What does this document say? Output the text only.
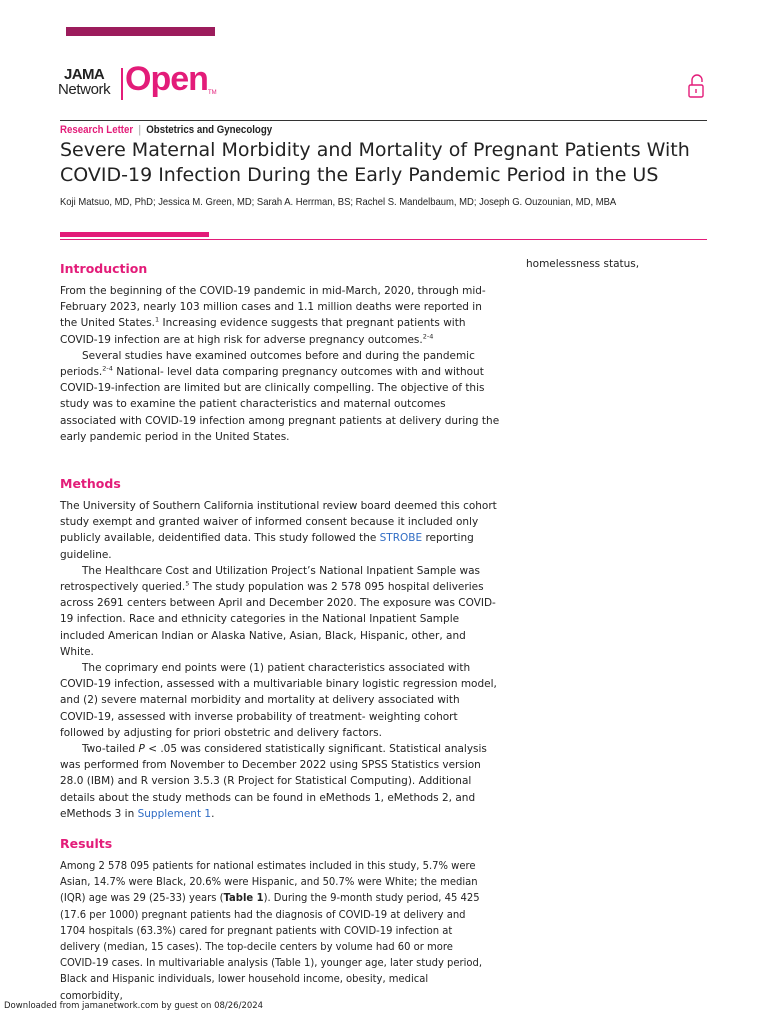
JAMA
Network Open TM
Research Letter | Obstetrics and Gynecology
Severe Maternal Morbidity and Mortality of Pregnant Patients With COVID-19 Infection During the Early Pandemic Period in the US
Koji Matsuo, MD, PhD; Jessica M. Green, MD; Sarah A. Herrman, BS; Rachel S. Mandelbaum, MD; Joseph G. Ouzounian, MD, MBA
Introduction

From the beginning of the COVID-19 pandemic in mid-March, 2020, through mid-February 2023, nearly 103 million cases and 1.1 million deaths were reported in the United States.$^1$ Increasing evidence suggests that pregnant patients with COVID-19 infection are at high risk for adverse pregnancy outcomes.$^{2-4}$

Several studies have examined outcomes before and during the pandemic periods.$^{2-4}$ National- level data comparing pregnancy outcomes with and without COVID-19-infection are limited but are clinically compelling. The objective of this study was to examine the patient characteristics and maternal outcomes associated with COVID-19 infection among pregnant patients at delivery during the early pandemic period in the United States.

homelessness status,
Methods

The University of Southern California institutional review board deemed this cohort study exempt and granted waiver of informed consent because it included only publicly available, deidentified data. This study followed the STROBE reporting guideline.

The Healthcare Cost and Utilization Project’s National Inpatient Sample was retrospectively queried.$^5$ The study population was 2 578 095 hospital deliveries across 2691 centers between April and December 2020. The exposure was COVID-19 infection. Race and ethnicity categories in the National Inpatient Sample included American Indian or Alaska Native, Asian, Black, Hispanic, other, and White.

The coprimary end points were (1) patient characteristics associated with COVID-19 infection, assessed with a multivariable binary logistic regression model, and (2) severe maternal morbidity and mortality at delivery associated with COVID-19, assessed with inverse probability of treatment- weighting cohort followed by adjusting for priori obstetric and delivery factors.

Two-tailed P < .05 was considered statistically significant. Statistical analysis was performed from November to December 2022 using SPSS Statistics version 28.0 (IBM) and R version 3.5.3 (R Project for Statistical Computing). Additional details about the study methods can be found in eMethods 1, eMethods 2, and eMethods 3 in Supplement 1.

Results

Among 2 578 095 patients for national estimates included in this study, 5.7% were Asian, 14.7% were Black, 20.6% were Hispanic, and 50.7% were White; the median (IQR) age was 29 (25-33) years (Table 1). During the 9-month study period, 45 425 (17.6 per 1000) pregnant patients had the diagnosis of COVID-19 at delivery and 1704 hospitals (63.3%) cared for pregnant patients with COVID-19 infection at delivery (median, 15 cases). The top-decile centers by volume had 60 or more COVID-19 cases. In multivariable analysis (Table 1), younger age, later study period, Black and Hispanic individuals, lower household income, obesity, medical comorbidity,

Downloaded from jamanetwork.com by guest on 08/26/2024
